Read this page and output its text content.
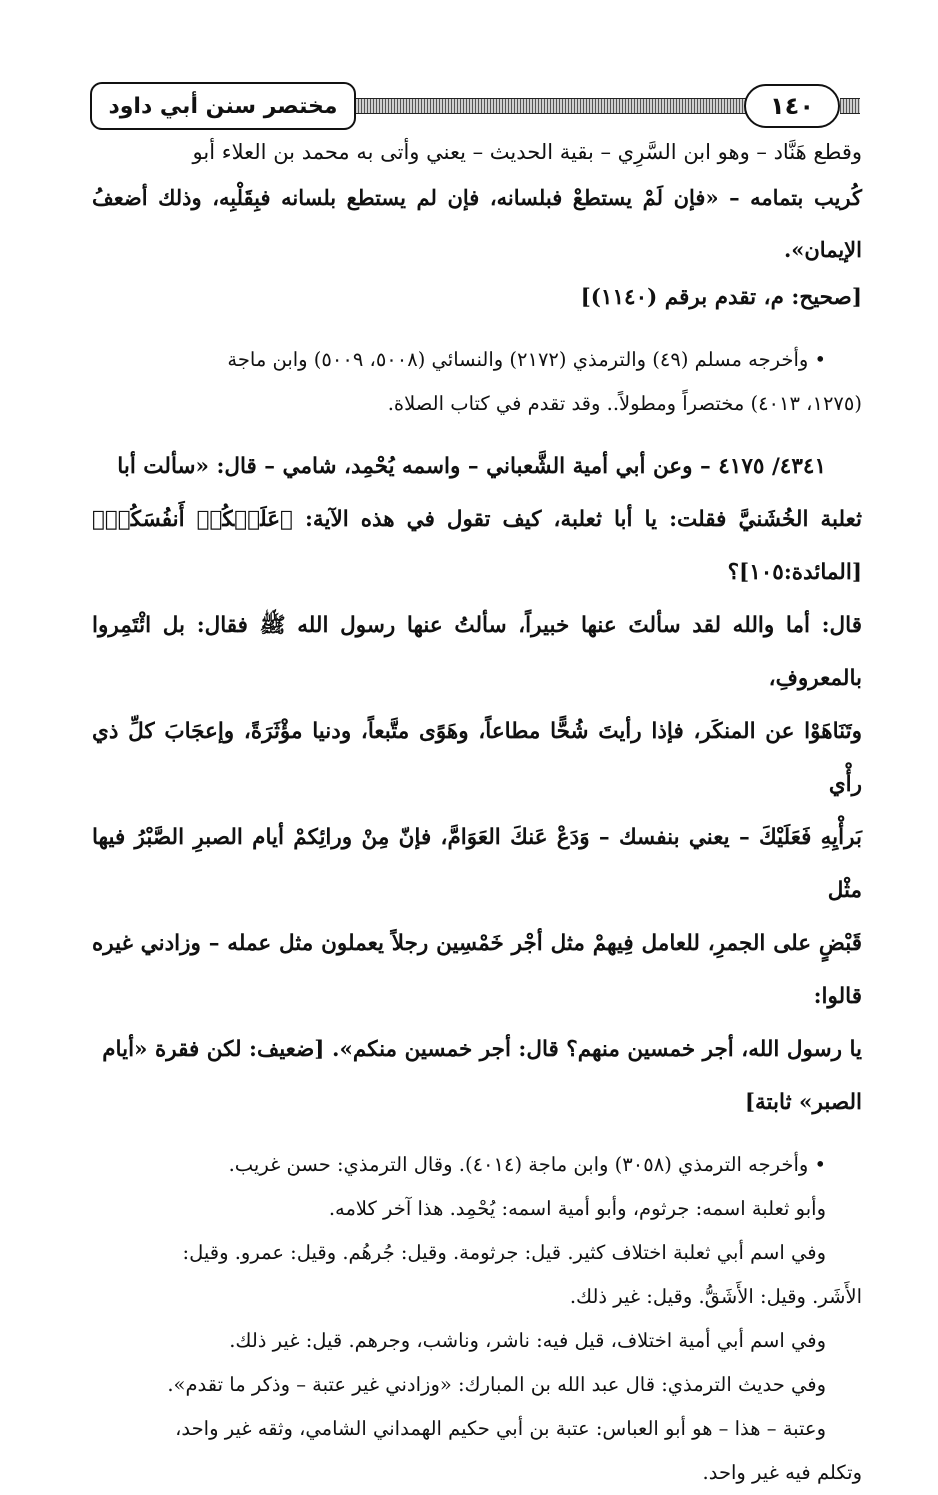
١٤٠
مختصر سنن أبي داود

وقطع هَنَّاد – وهو ابن السَّرِي – بقية الحديث – يعني وأتى به محمد بن العلاء أبو

كُريب بتمامه – «فإن لَمْ يستطعْ فبلسانه، فإن لم يستطع بلسانه فبِقَلْبِه، وذلك أضعفُ الإيمان».

[صحيح: م، تقدم برقم (١١٤٠)]

• وأخرجه مسلم (٤٩) والترمذي (٢١٧٢) والنسائي (٥٠٠٨، ٥٠٠٩) وابن ماجة

(١٢٧٥، ٤٠١٣) مختصراً ومطولاً.. وقد تقدم في كتاب الصلاة.

٤٣٤١/ ٤١٧٥ – وعن أبي أمية الشَّعباني – واسمه يُحْمِد، شامي – قال: «سألت أبا

ثعلبة الخُشَنيَّ فقلت: يا أبا ثعلبة، كيف تقول في هذه الآية: ﴿عَلَيۡكُمۡ أَنفُسَكُمۡ﴾[المائدة:١٠٥]؟

قال: أما والله لقد سألتَ عنها خبيراً، سألتُ عنها رسول الله ﷺ فقال: بل ائْتَمِروا بالمعروفِ،

وتَنَاهَوْا عن المنكَر، فإذا رأيتَ شُحًّا مطاعاً، وهَوًى متَّبعاً، ودنيا مؤْثَرَةً، وإعجَابَ كلِّ ذي رأْي

بَرأْيِهِ فَعَلَيْكَ – يعني بنفسك – وَدَعْ عَنكَ العَوَامَّ، فإنّ مِنْ ورائِكمْ أيام الصبرِ الصَّبْرُ فيها مثْل

قَبْضٍ على الجمرِ، للعامل فِيهمْ مثل أجْر خَمْسِين رجلاً يعملون مثل عمله – وزادني غيره قالوا:

يا رسول الله، أجر خمسين منهم؟ قال: أجر خمسين منكم». [ضعيف: لكن فقرة «أيام

الصبر» ثابتة]

• وأخرجه الترمذي (٣٠٥٨) وابن ماجة (٤٠١٤). وقال الترمذي: حسن غريب.

وأبو ثعلبة اسمه: جرثوم، وأبو أمية اسمه: يُحْمِد. هذا آخر كلامه.

وفي اسم أبي ثعلبة اختلاف كثير. قيل: جرثومة. وقيل: جُرهُم. وقيل: عمرو. وقيل:

الأَشَر. وقيل: الأَشَقُّ. وقيل: غير ذلك.

وفي اسم أبي أمية اختلاف، قيل فيه: ناشر، وناشب، وجرهم. قيل: غير ذلك.

وفي حديث الترمذي: قال عبد الله بن المبارك: «وزادني غير عتبة – وذكر ما تقدم».

وعتبة – هذا – هو أبو العباس: عتبة بن أبي حكيم الهمداني الشامي، وثقه غير واحد،

وتكلم فيه غير واحد.
